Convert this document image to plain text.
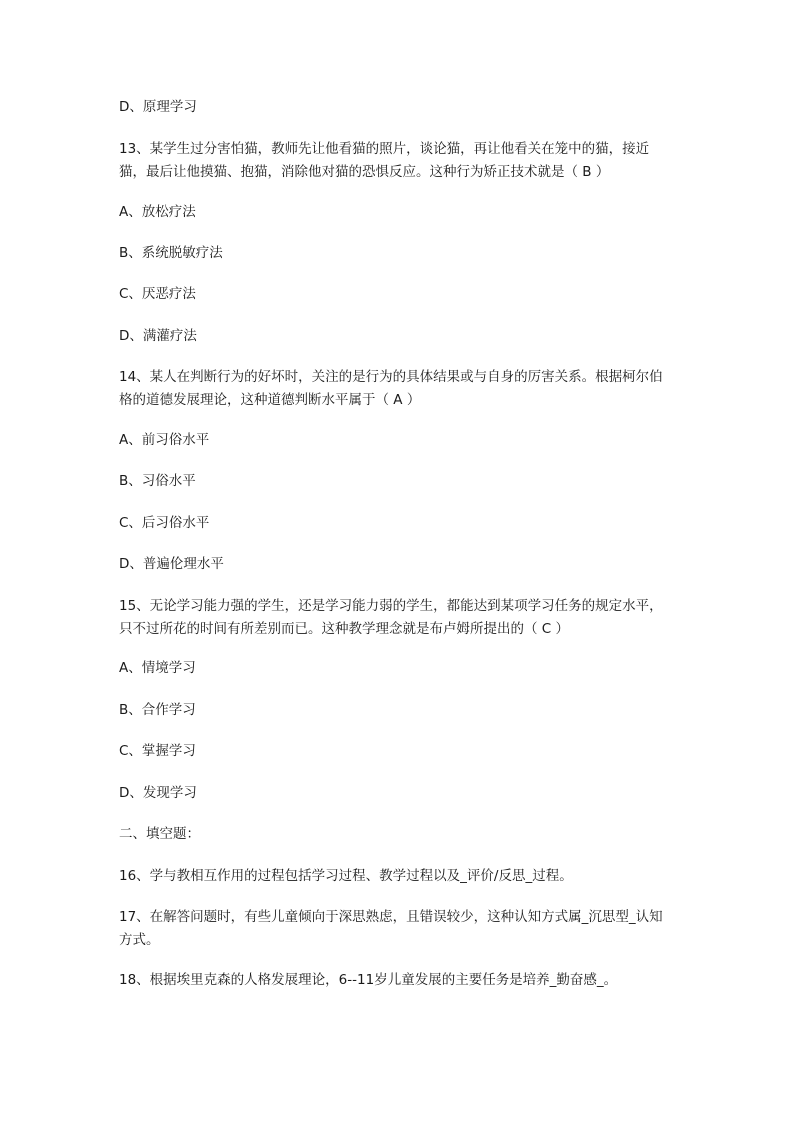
D、原理学习

13、某学生过分害怕猫，教师先让他看猫的照片，谈论猫，再让他看关在笼中的猫，接近猫，最后让他摸猫、抱猫，消除他对猫的恐惧反应。这种行为矫正技术就是（ B ）

A、放松疗法

B、系统脱敏疗法

C、厌恶疗法

D、满灌疗法

14、某人在判断行为的好坏时，关注的是行为的具体结果或与自身的厉害关系。根据柯尔伯格的道德发展理论，这种道德判断水平属于（ A ）

A、前习俗水平

B、习俗水平

C、后习俗水平

D、普遍伦理水平

15、无论学习能力强的学生，还是学习能力弱的学生，都能达到某项学习任务的规定水平，只不过所花的时间有所差别而已。这种教学理念就是布卢姆所提出的（ C ）

A、情境学习

B、合作学习

C、掌握学习

D、发现学习

二、填空题：

16、学与教相互作用的过程包括学习过程、教学过程以及_评价/反思_过程。

17、在解答问题时，有些儿童倾向于深思熟虑，且错误较少，这种认知方式属_沉思型_认知方式。

18、根据埃里克森的人格发展理论，6--11岁儿童发展的主要任务是培养_勤奋感_。
